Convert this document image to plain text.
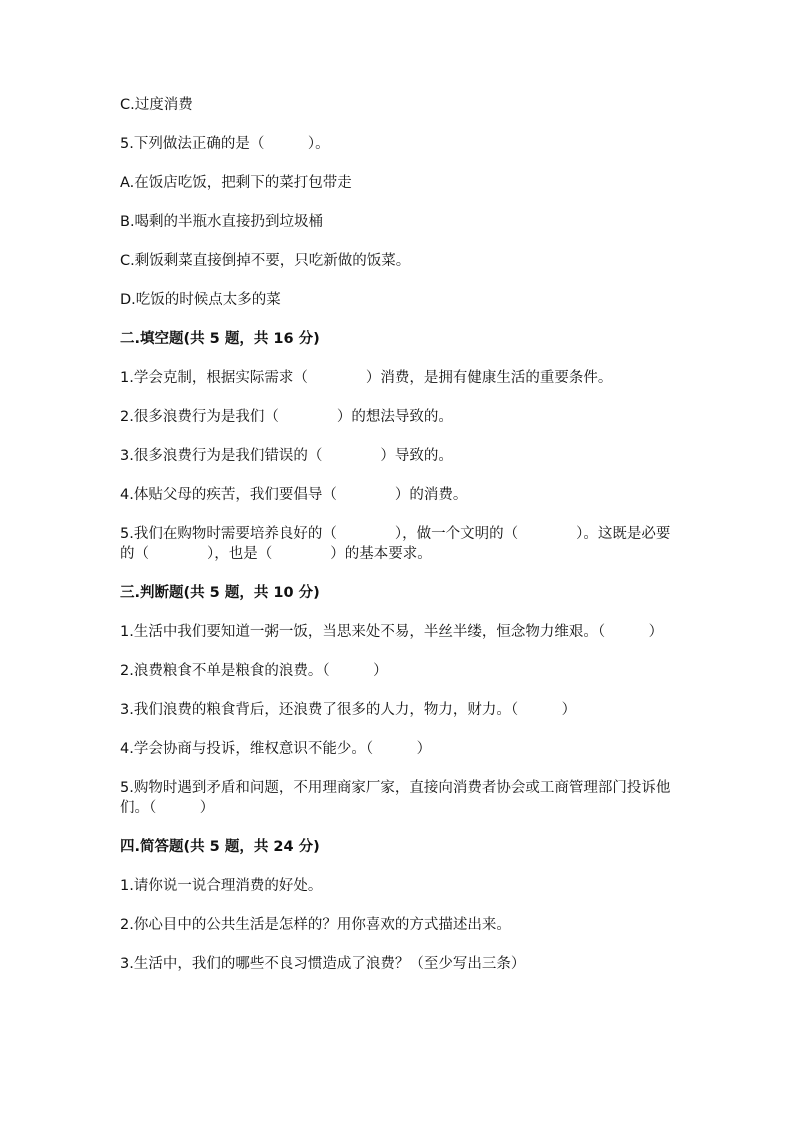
C.过度消费
5.下列做法正确的是（　　　）。
A.在饭店吃饭，把剩下的菜打包带走
B.喝剩的半瓶水直接扔到垃圾桶
C.剩饭剩菜直接倒掉不要，只吃新做的饭菜。
D.吃饭的时候点太多的菜
二.填空题(共 5 题，共 16 分)
1.学会克制，根据实际需求（　　　　）消费，是拥有健康生活的重要条件。
2.很多浪费行为是我们（　　　　）的想法导致的。
3.很多浪费行为是我们错误的（　　　　）导致的。
4.体贴父母的疾苦，我们要倡导（　　　　）的消费。
5.我们在购物时需要培养良好的（　　　　），做一个文明的（　　　　）。这既是必要的（　　　　），也是（　　　　）的基本要求。
三.判断题(共 5 题，共 10 分)
1.生活中我们要知道一粥一饭，当思来处不易，半丝半缕，恒念物力维艰。（　　　）
2.浪费粮食不单是粮食的浪费。（　　　）
3.我们浪费的粮食背后，还浪费了很多的人力，物力，财力。（　　　）
4.学会协商与投诉，维权意识不能少。（　　　）
5.购物时遇到矛盾和问题，不用理商家厂家，直接向消费者协会或工商管理部门投诉他们。（　　　）
四.简答题(共 5 题，共 24 分)
1.请你说一说合理消费的好处。
2.你心目中的公共生活是怎样的？用你喜欢的方式描述出来。
3.生活中，我们的哪些不良习惯造成了浪费？（至少写出三条）
